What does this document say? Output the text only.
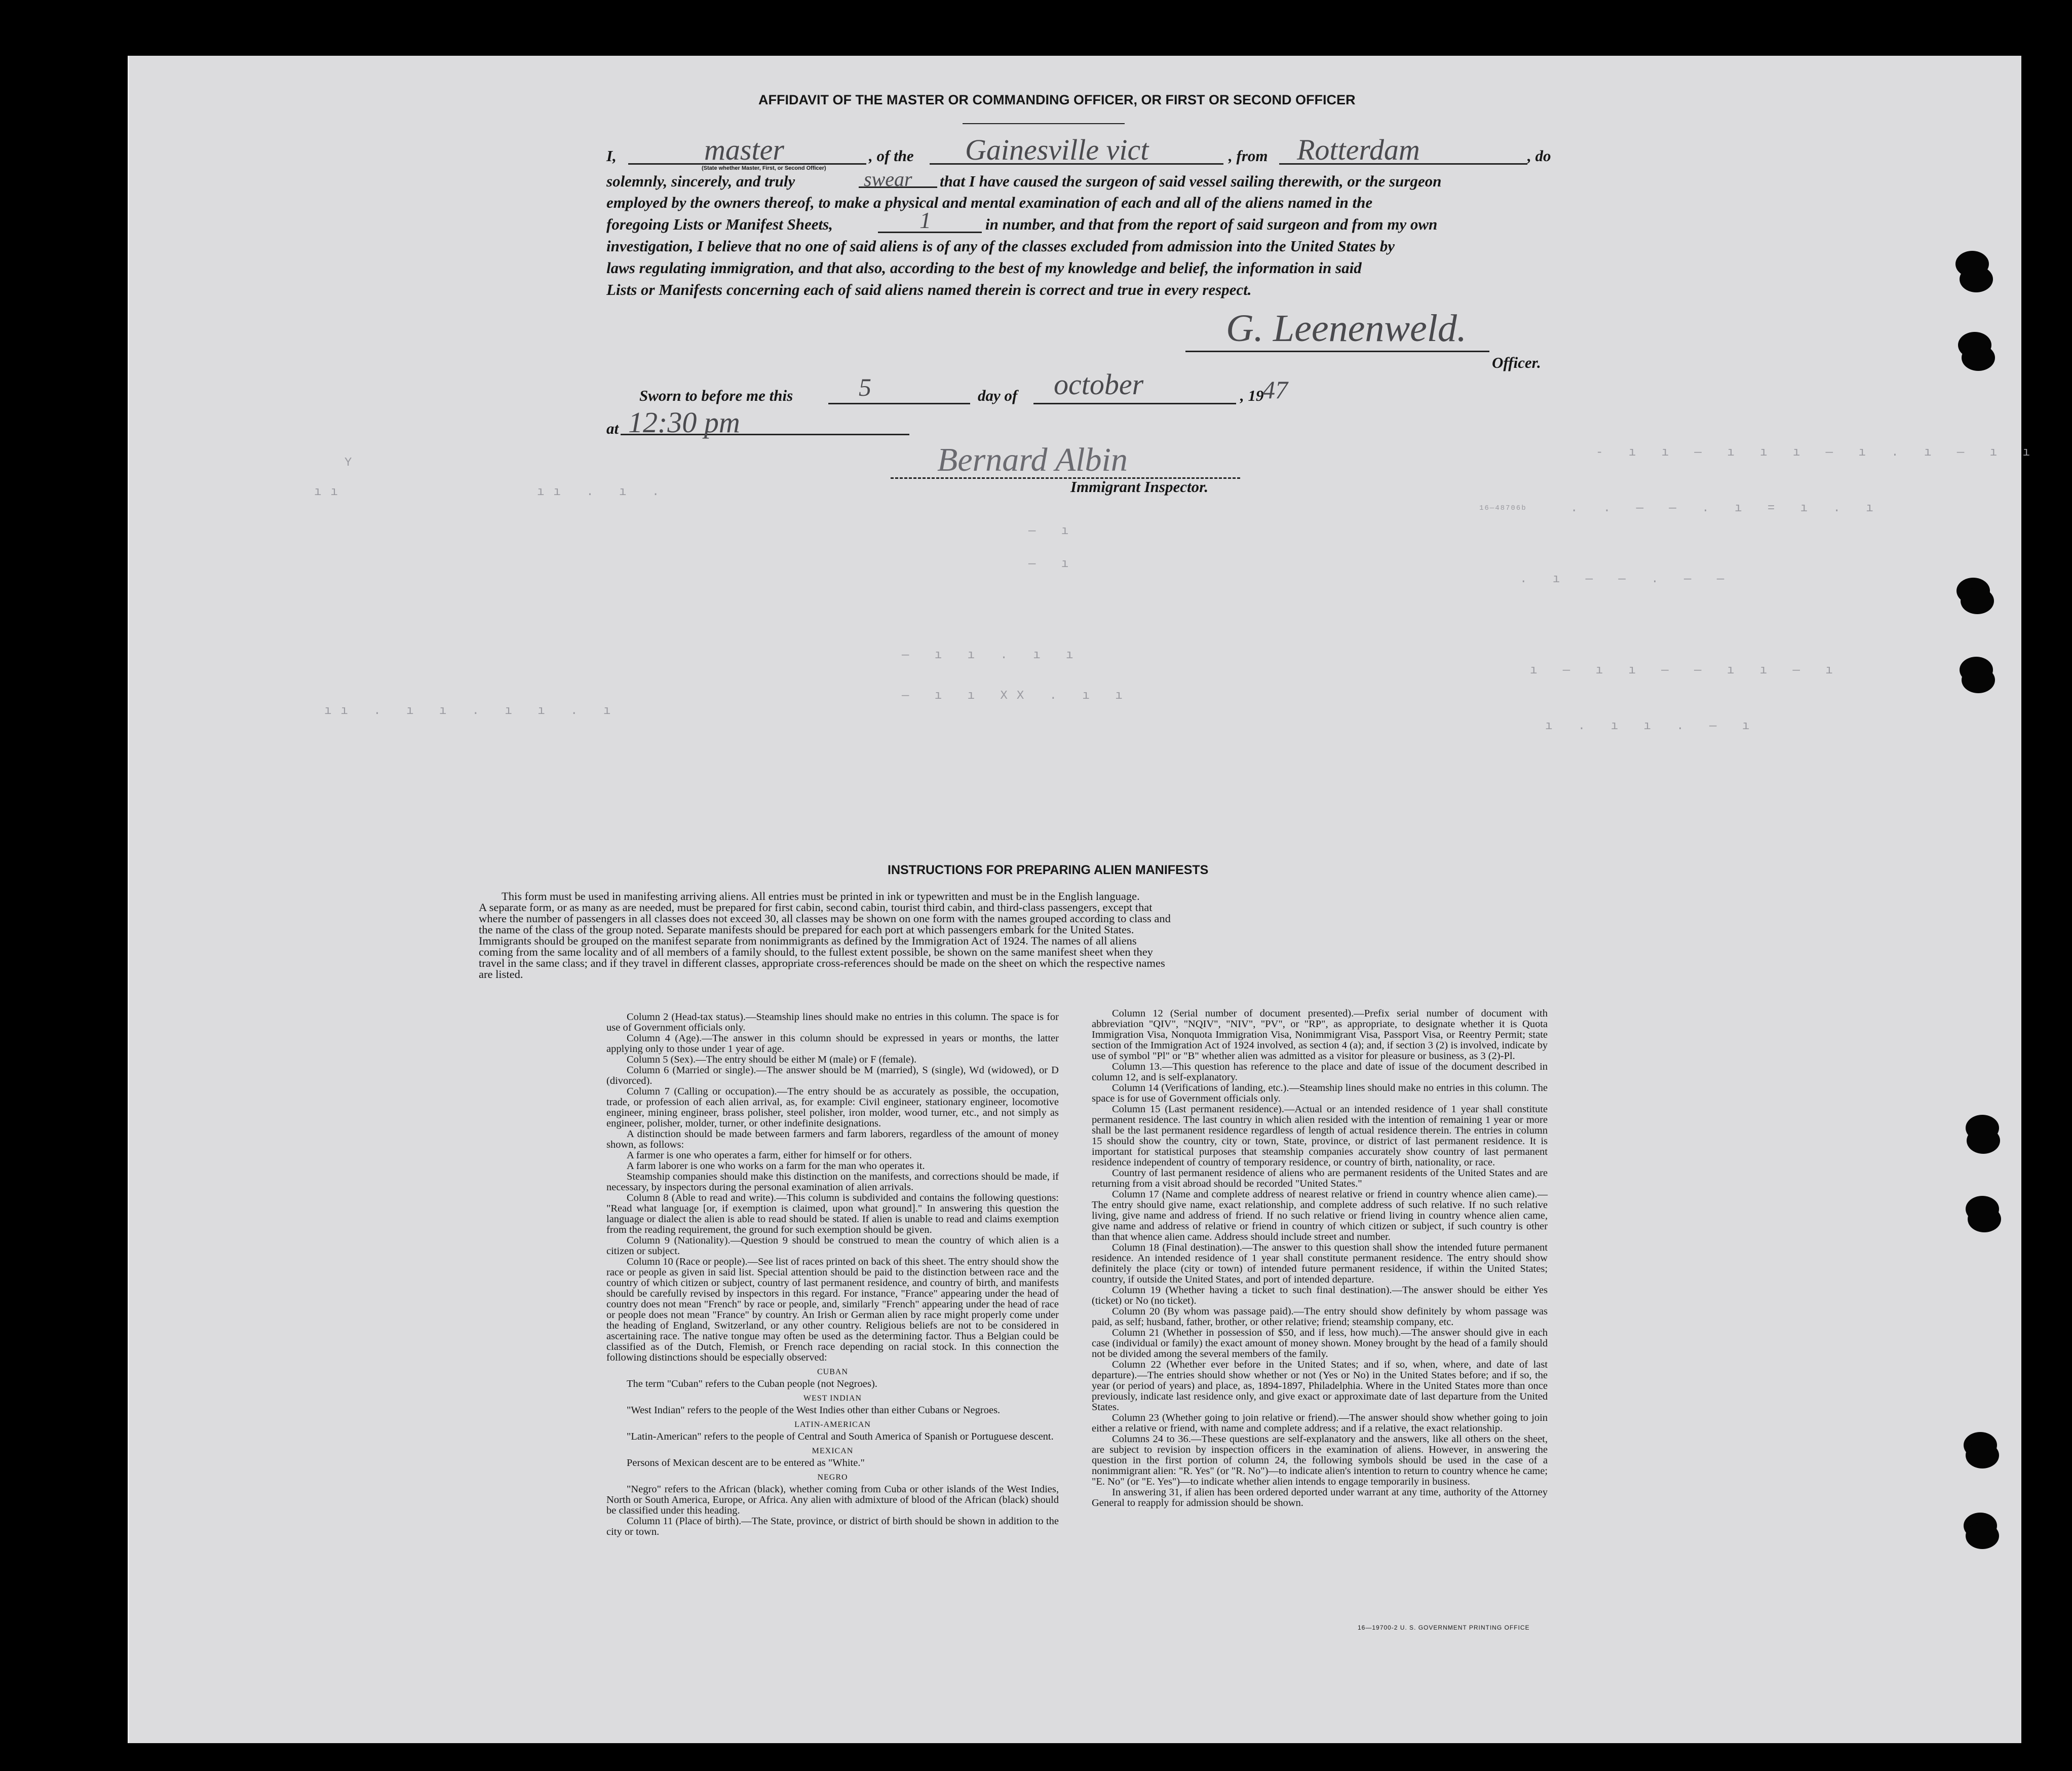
AFFIDAVIT OF THE MASTER OR COMMANDING OFFICER, OR FIRST OR SECOND OFFICER
I,	master	, of the Gainesville vict	, from Rotterdam	, do
(State whether Master, First, or Second Officer)
solemnly, sincerely, and truly	swear that I have caused the surgeon of said vessel sailing therewith, or the surgeon
employed by the owners thereof, to make a physical and mental examination of each and all of the aliens named in the
foregoing Lists or Manifest Sheets,	1	in number, and that from the report of said surgeon and from my own
investigation, I believe that no one of said aliens is of any of the classes excluded from admission into the United States by
laws regulating immigration, and that also, according to the best of my knowledge and belief, the information in said
Lists or Manifests concerning each of said aliens named therein is correct and true in every respect.
G. Leenenweld.
Officer.
Sworn to before me this	5	day of october	, 19
47
at 12:30 pm
Bernard Albin
Immigrant Inspector.
Y
ıı	ıı . ı .
- ı ı — ı ı ı — ı . ı — ı ı
. . — — . ı = ı . ı
— ı
— ı
. ı — — . — —
— ı ı . ı ı
— ı ı XX . ı ı
ı — ı ı — — ı ı — ı
ı . ı ı . — ı
ıı . ı ı . ı ı . ı
16—48706b
INSTRUCTIONS FOR PREPARING ALIEN MANIFESTS
This form must be used in manifesting arriving aliens. All entries must be printed in ink or typewritten and must be in the English language.
A separate form, or as many as are needed, must be prepared for first cabin, second cabin, tourist third cabin, and third-class passengers, except that
where the number of passengers in all classes does not exceed 30, all classes may be shown on one form with the names grouped according to class and
the name of the class of the group noted. Separate manifests should be prepared for each port at which passengers embark for the United States.
Immigrants should be grouped on the manifest separate from nonimmigrants as defined by the Immigration Act of 1924. The names of all aliens
coming from the same locality and of all members of a family should, to the fullest extent possible, be shown on the same manifest sheet when they
travel in the same class; and if they travel in different classes, appropriate cross-references should be made on the sheet on which the respective names
are listed.

Column 2 (Head-tax status).—Steamship lines should make no entries in this column. The space is for use of Government officials only.

Column 4 (Age).—The answer in this column should be expressed in years or months, the latter applying only to those under 1 year of age.

Column 5 (Sex).—The entry should be either M (male) or F (female).

Column 6 (Married or single).—The answer should be M (married), S (single), Wd (widowed), or D (divorced).

Column 7 (Calling or occupation).—The entry should be as accurately as possible, the occupation, trade, or profession of each alien arrival, as, for example: Civil engineer, stationary engineer, locomotive engineer, mining engineer, brass polisher, steel polisher, iron molder, wood turner, etc., and not simply as engineer, polisher, molder, turner, or other indefinite designations.

A distinction should be made between farmers and farm laborers, regardless of the amount of money shown, as follows:

A farmer is one who operates a farm, either for himself or for others.

A farm laborer is one who works on a farm for the man who operates it.

Steamship companies should make this distinction on the manifests, and corrections should be made, if necessary, by inspectors during the personal examination of alien arrivals.

Column 8 (Able to read and write).—This column is subdivided and contains the following questions: "Read what language [or, if exemption is claimed, upon what ground]." In answering this question the language or dialect the alien is able to read should be stated. If alien is unable to read and claims exemption from the reading requirement, the ground for such exemption should be given.

Column 9 (Nationality).—Question 9 should be construed to mean the country of which alien is a citizen or subject.

Column 10 (Race or people).—See list of races printed on back of this sheet. The entry should show the race or people as given in said list. Special attention should be paid to the distinction between race and the country of which citizen or subject, country of last permanent residence, and country of birth, and manifests should be carefully revised by inspectors in this regard. For instance, "France" appearing under the head of country does not mean "French" by race or people, and, similarly "French" appearing under the head of race or people does not mean "France" by country. An Irish or German alien by race might properly come under the heading of England, Switzerland, or any other country. Religious beliefs are not to be considered in ascertaining race. The native tongue may often be used as the determining factor. Thus a Belgian could be classified as of the Dutch, Flemish, or French race depending on racial stock. In this connection the following distinctions should be especially observed:

CUBAN

The term "Cuban" refers to the Cuban people (not Negroes).

WEST INDIAN

"West Indian" refers to the people of the West Indies other than either Cubans or Negroes.

LATIN-AMERICAN

"Latin-American" refers to the people of Central and South America of Spanish or Portuguese descent.

MEXICAN

Persons of Mexican descent are to be entered as "White."

NEGRO

"Negro" refers to the African (black), whether coming from Cuba or other islands of the West Indies, North or South America, Europe, or Africa. Any alien with admixture of blood of the African (black) should be classified under this heading.

Column 11 (Place of birth).—The State, province, or district of birth should be shown in addition to the city or town.

Column 12 (Serial number of document presented).—Prefix serial number of document with abbreviation "QIV", "NQIV", "NIV", "PV", or "RP", as appropriate, to designate whether it is Quota Immigration Visa, Nonquota Immigration Visa, Nonimmigrant Visa, Passport Visa, or Reentry Permit; state section of the Immigration Act of 1924 involved, as section 4 (a); and, if section 3 (2) is involved, indicate by use of symbol "Pl" or "B" whether alien was admitted as a visitor for pleasure or business, as 3 (2)-Pl.

Column 13.—This question has reference to the place and date of issue of the document described in column 12, and is self-explanatory.

Column 14 (Verifications of landing, etc.).—Steamship lines should make no entries in this column. The space is for use of Government officials only.

Column 15 (Last permanent residence).—Actual or an intended residence of 1 year shall constitute permanent residence. The last country in which alien resided with the intention of remaining 1 year or more shall be the last permanent residence regardless of length of actual residence therein. The entries in column 15 should show the country, city or town, State, province, or district of last permanent residence. It is important for statistical purposes that steamship companies accurately show country of last permanent residence independent of country of temporary residence, or country of birth, nationality, or race.

Country of last permanent residence of aliens who are permanent residents of the United States and are returning from a visit abroad should be recorded "United States."

Column 17 (Name and complete address of nearest relative or friend in country whence alien came).—The entry should give name, exact relationship, and complete address of such relative. If no such relative living, give name and address of friend. If no such relative or friend living in country whence alien came, give name and address of relative or friend in country of which citizen or subject, if such country is other than that whence alien came. Address should include street and number.

Column 18 (Final destination).—The answer to this question shall show the intended future permanent residence. An intended residence of 1 year shall constitute permanent residence. The entry should show definitely the place (city or town) of intended future permanent residence, if within the United States; country, if outside the United States, and port of intended departure.

Column 19 (Whether having a ticket to such final destination).—The answer should be either Yes (ticket) or No (no ticket).

Column 20 (By whom was passage paid).—The entry should show definitely by whom passage was paid, as self; husband, father, brother, or other relative; friend; steamship company, etc.

Column 21 (Whether in possession of $50, and if less, how much).—The answer should give in each case (individual or family) the exact amount of money shown. Money brought by the head of a family should not be divided among the several members of the family.

Column 22 (Whether ever before in the United States; and if so, when, where, and date of last departure).—The entries should show whether or not (Yes or No) in the United States before; and if so, the year (or period of years) and place, as, 1894-1897, Philadelphia. Where in the United States more than once previously, indicate last residence only, and give exact or approximate date of last departure from the United States.

Column 23 (Whether going to join relative or friend).—The answer should show whether going to join either a relative or friend, with name and complete address; and if a relative, the exact relationship.

Columns 24 to 36.—These questions are self-explanatory and the answers, like all others on the sheet, are subject to revision by inspection officers in the examination of aliens. However, in answering the question in the first portion of column 24, the following symbols should be used in the case of a nonimmigrant alien: "R. Yes" (or "R. No")—to indicate alien's intention to return to country whence he came; "E. No" (or "E. Yes")—to indicate whether alien intends to engage temporarily in business.

In answering 31, if alien has been ordered deported under warrant at any time, authority of the Attorney General to reapply for admission should be shown.

16—19700-2 U. S. GOVERNMENT PRINTING OFFICE
